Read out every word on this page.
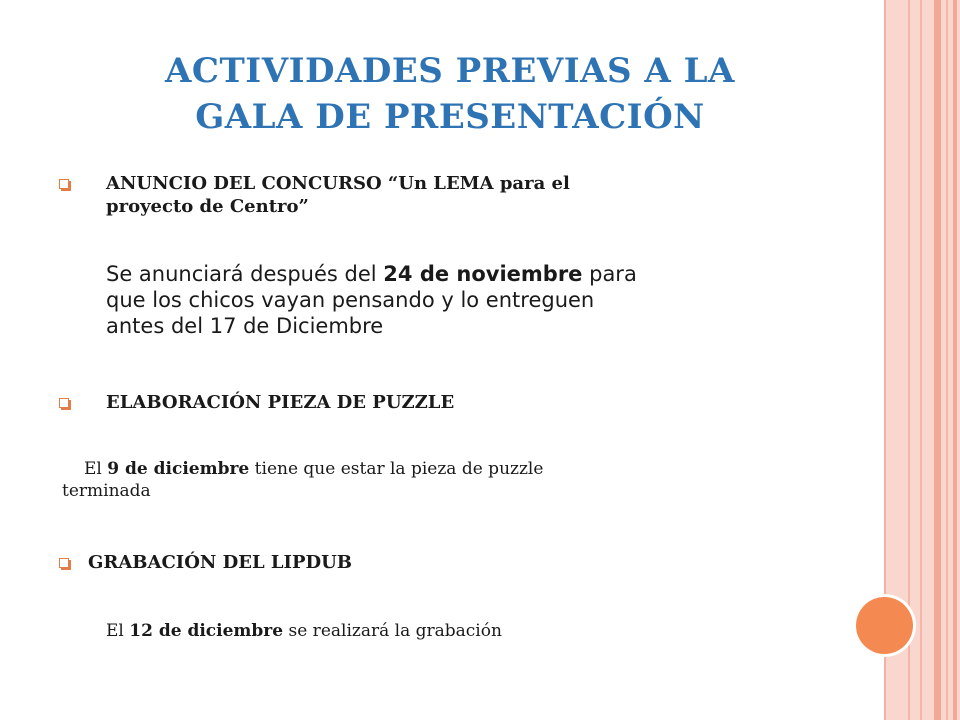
ACTIVIDADES PREVIAS A LA
GALA DE PRESENTACIÓN

ANUNCIO DEL CONCURSO “Un LEMA para el
proyecto de Centro”

Se anunciará después del 24 de noviembre para
que los chicos vayan pensando y lo entreguen
antes del 17 de Diciembre

ELABORACIÓN PIEZA DE PUZZLE

El 9 de diciembre tiene que estar la pieza de puzzle
terminada

GRABACIÓN DEL LIPDUB

El 12 de diciembre se realizará la grabación
